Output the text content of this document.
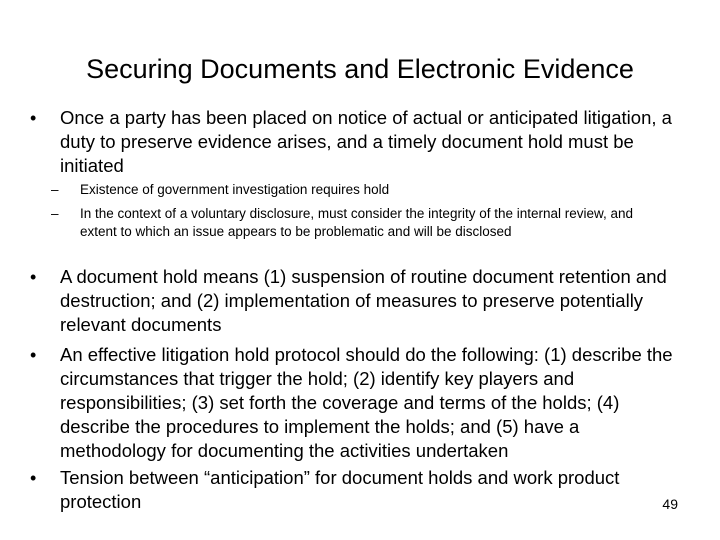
Securing Documents and Electronic Evidence
• Once a party has been placed on notice of actual or anticipated litigation, a duty to preserve evidence arises, and a timely document hold must be initiated
– Existence of government investigation requires hold
– In the context of a voluntary disclosure, must consider the integrity of the internal review, and extent to which an issue appears to be problematic and will be disclosed
• A document hold means (1) suspension of routine document retention and destruction; and (2) implementation of measures to preserve potentially relevant documents
• An effective litigation hold protocol should do the following: (1) describe the circumstances that trigger the hold; (2) identify key players and responsibilities; (3) set forth the coverage and terms of the holds; (4) describe the procedures to implement the holds; and (5) have a methodology for documenting the activities undertaken
• Tension between “anticipation” for document holds and work product protection	49
